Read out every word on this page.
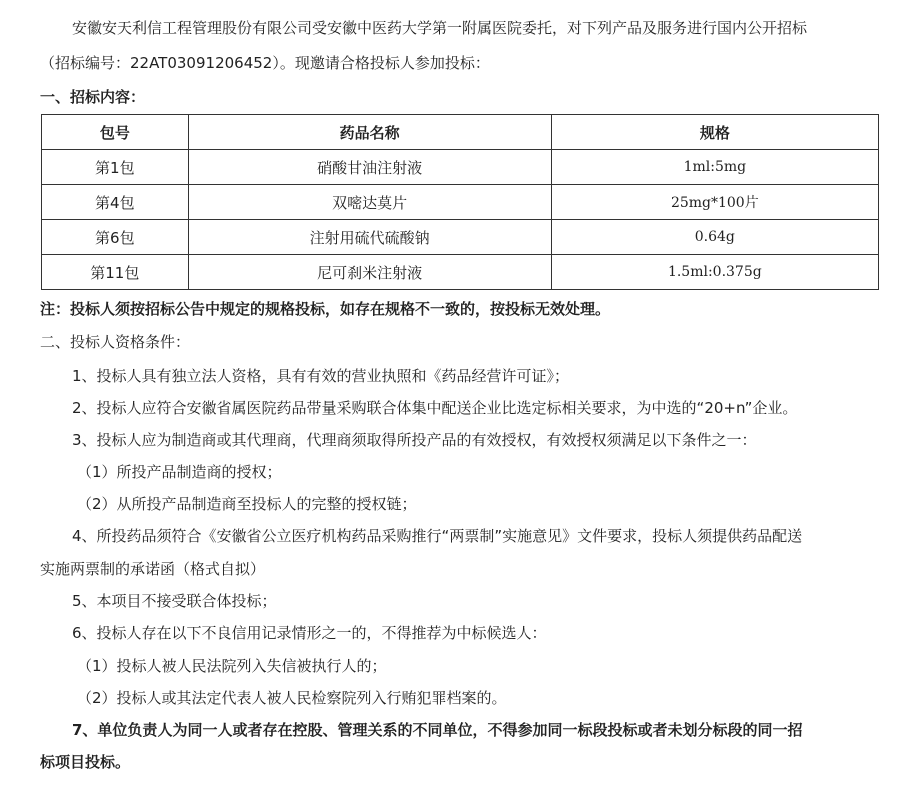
安徽安天利信工程管理股份有限公司受安徽中医药大学第一附属医院委托，对下列产品及服务进行国内公开招标
（招标编号：22AT03091206452）。现邀请合格投标人参加投标：
一、招标内容：
包号	药品名称	规格
第1包	硝酸甘油注射液	1ml:5mg
第4包	双嘧达莫片	25mg*100片
第6包	注射用硫代硫酸钠	0.64g
第11包	尼可刹米注射液	1.5ml:0.375g
注：投标人须按招标公告中规定的规格投标，如存在规格不一致的，按投标无效处理。
二、投标人资格条件：
1、投标人具有独立法人资格，具有有效的营业执照和《药品经营许可证》；
2、投标人应符合安徽省属医院药品带量采购联合体集中配送企业比选定标相关要求，为中选的“20+n”企业。
3、投标人应为制造商或其代理商，代理商须取得所投产品的有效授权，有效授权须满足以下条件之一：
（1）所投产品制造商的授权；
（2）从所投产品制造商至投标人的完整的授权链；
4、所投药品须符合《安徽省公立医疗机构药品采购推行“两票制”实施意见》文件要求，投标人须提供药品配送
实施两票制的承诺函（格式自拟）
5、本项目不接受联合体投标；
6、投标人存在以下不良信用记录情形之一的，不得推荐为中标候选人：
（1）投标人被人民法院列入失信被执行人的；
（2）投标人或其法定代表人被人民检察院列入行贿犯罪档案的。
7、单位负责人为同一人或者存在控股、管理关系的不同单位，不得参加同一标段投标或者未划分标段的同一招
标项目投标。
